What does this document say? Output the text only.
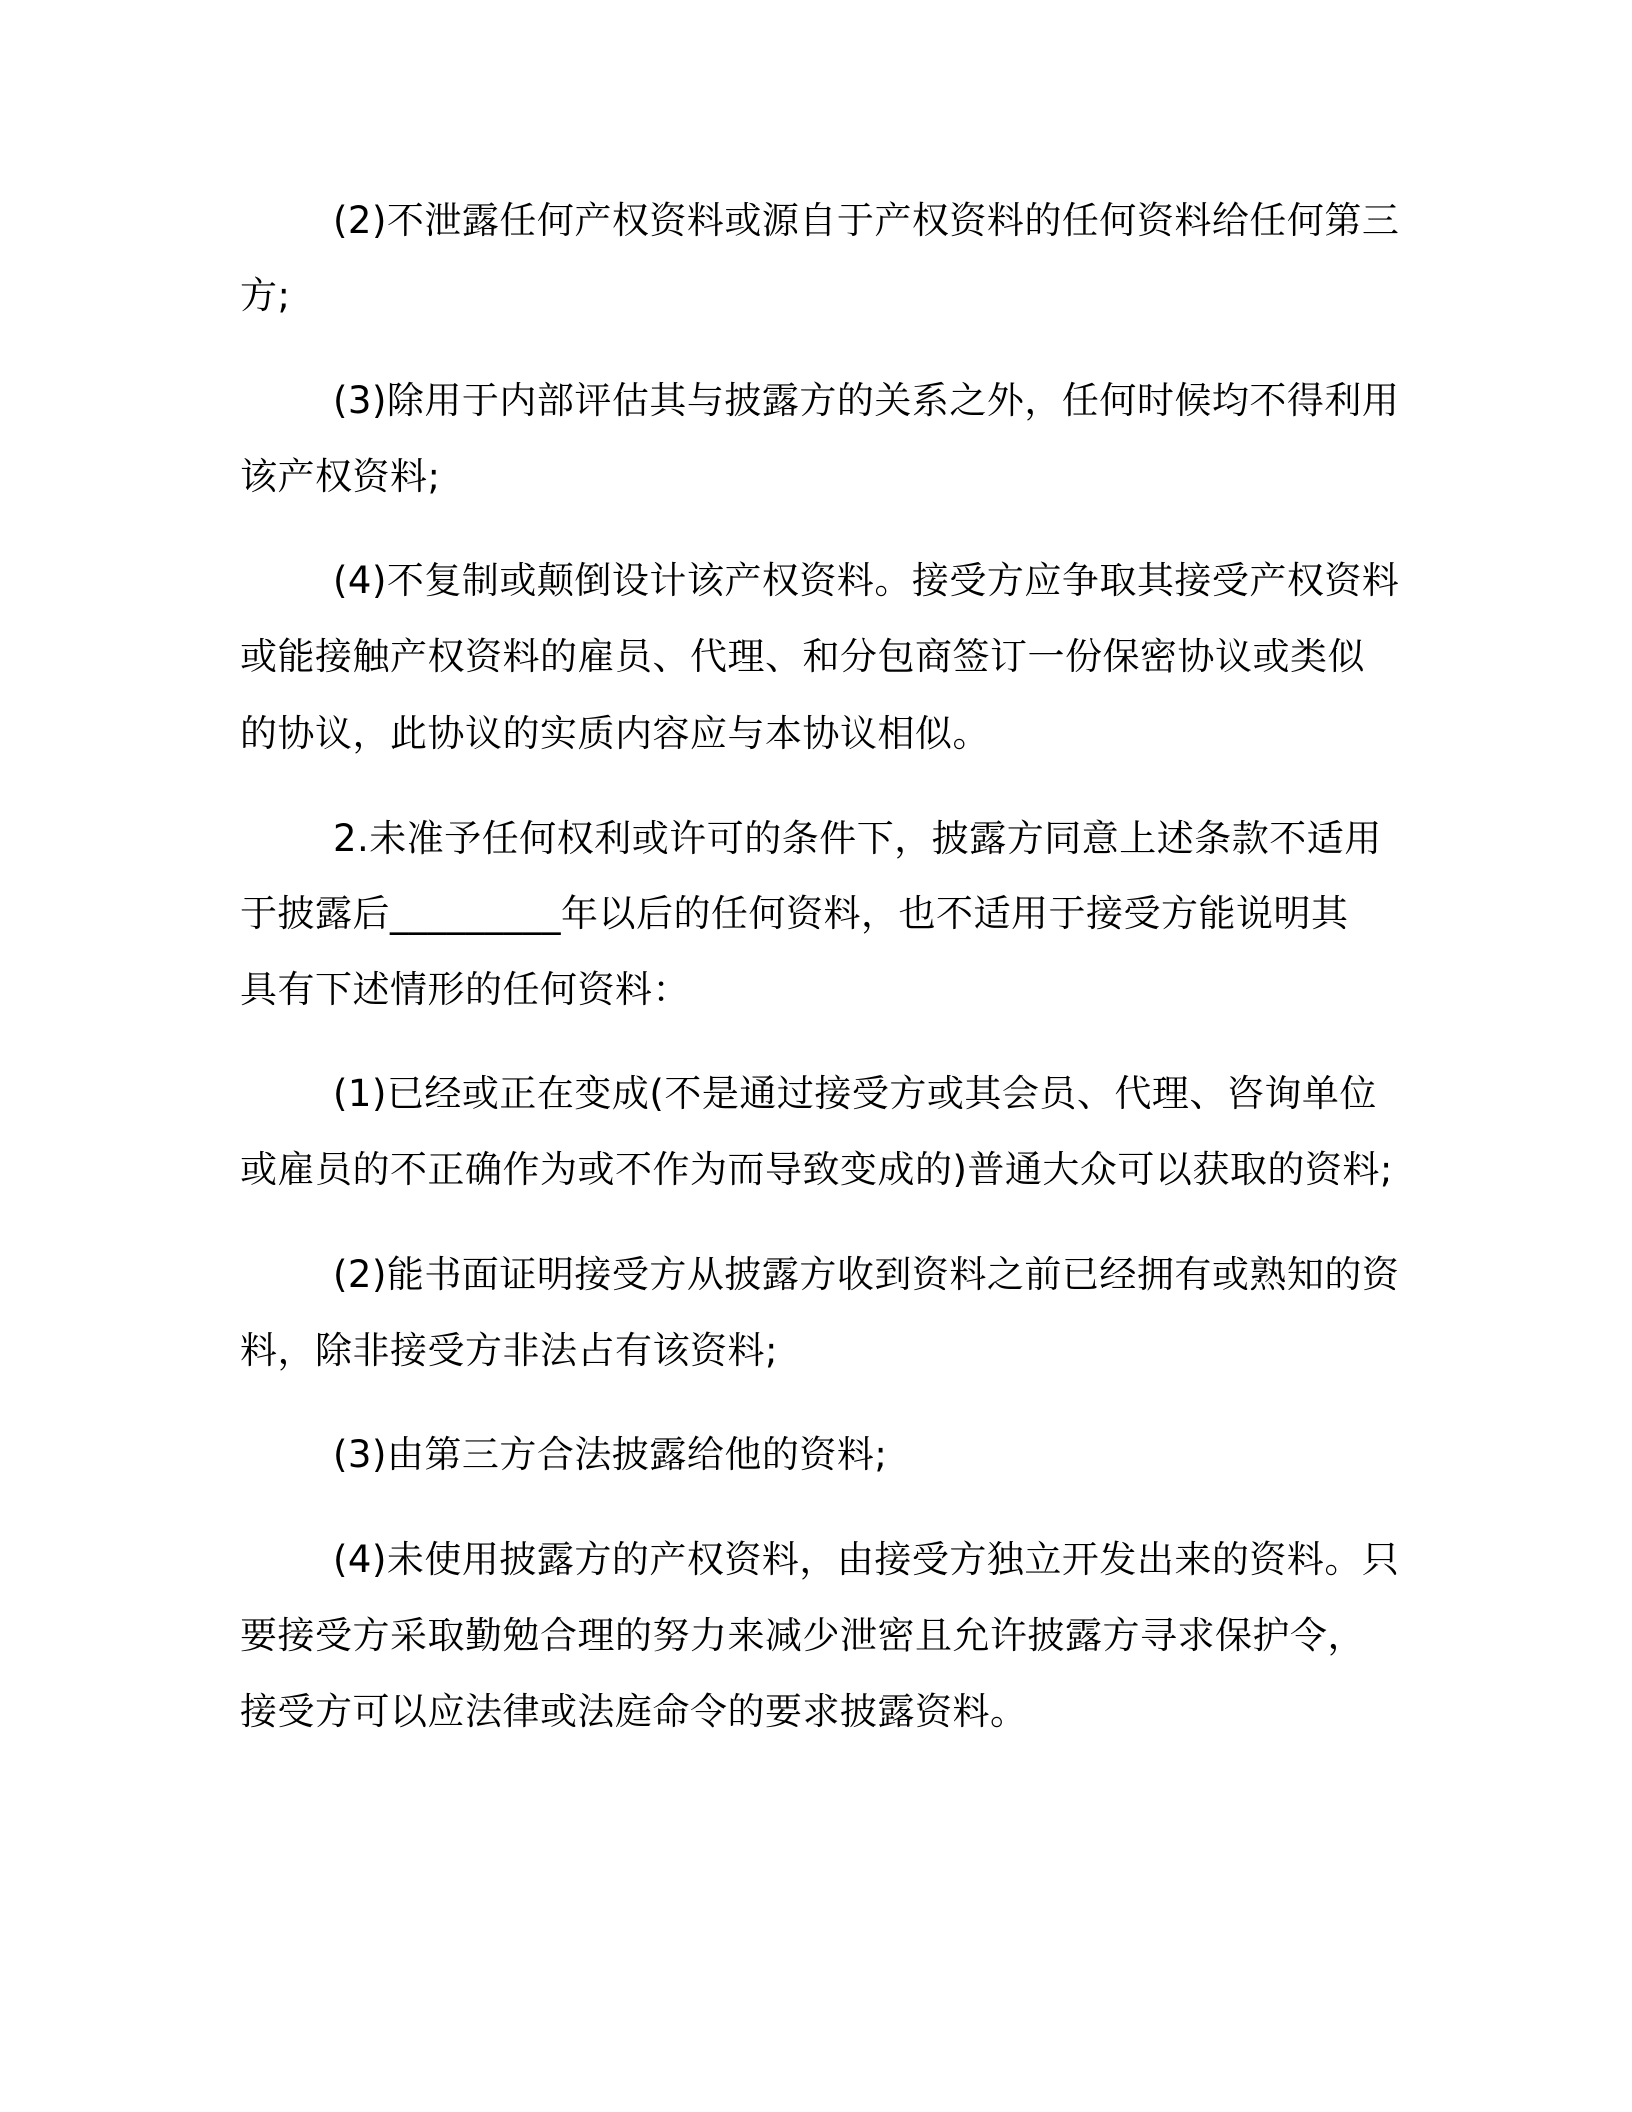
(2)不泄露任何产权资料或源自于产权资料的任何资料给任何第三
方;
(3)除用于内部评估其与披露方的关系之外，任何时候均不得利用
该产权资料;
(4)不复制或颠倒设计该产权资料。接受方应争取其接受产权资料
或能接触产权资料的雇员、代理、和分包商签订一份保密协议或类似
的协议，此协议的实质内容应与本协议相似。
2.未准予任何权利或许可的条件下，披露方同意上述条款不适用
于披露后_________年以后的任何资料，也不适用于接受方能说明其
具有下述情形的任何资料：
(1)已经或正在变成(不是通过接受方或其会员、代理、咨询单位
或雇员的不正确作为或不作为而导致变成的)普通大众可以获取的资料;
(2)能书面证明接受方从披露方收到资料之前已经拥有或熟知的资
料，除非接受方非法占有该资料;
(3)由第三方合法披露给他的资料;
(4)未使用披露方的产权资料，由接受方独立开发出来的资料。只
要接受方采取勤勉合理的努力来减少泄密且允许披露方寻求保护令，
接受方可以应法律或法庭命令的要求披露资料。
